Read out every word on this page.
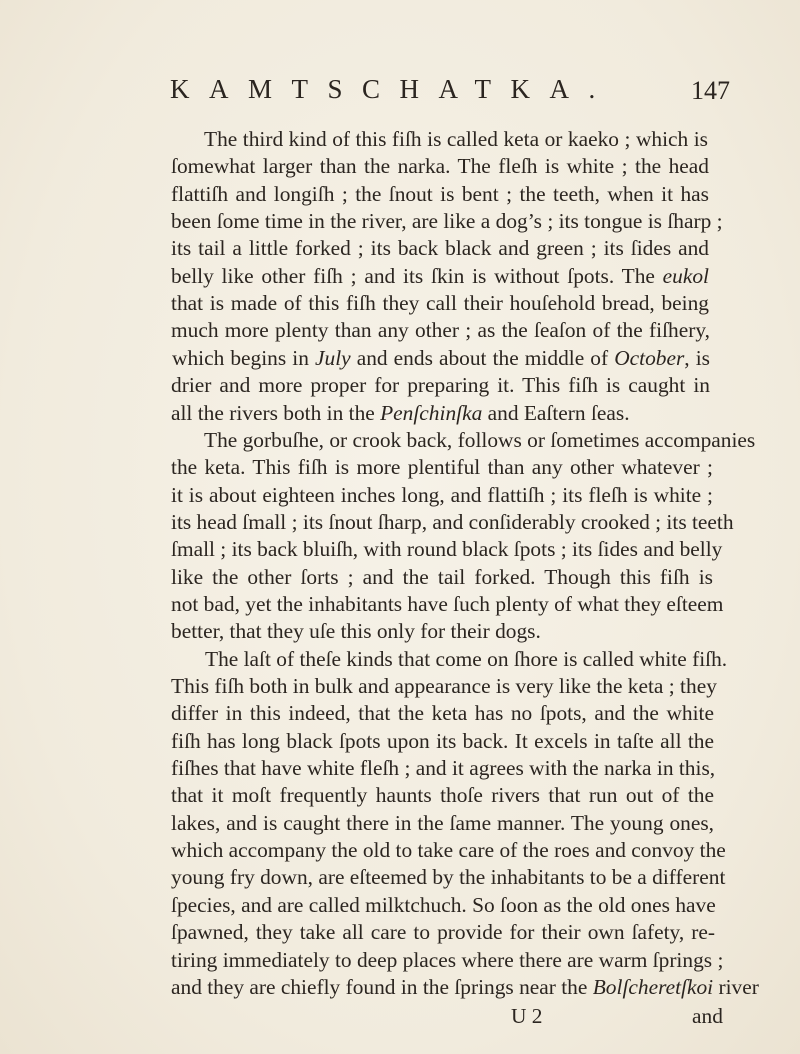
KAMTSCHATKA.	147
The third kind of this fiſh is called keta or kaeko ; which is
ſomewhat larger than the narka. The fleſh is white ; the head
flattiſh and longiſh ; the ſnout is bent ; the teeth, when it has
been ſome time in the river, are like a dog’s ; its tongue is ſharp ;
its tail a little forked ; its back black and green ; its ſides and
belly like other fiſh ; and its ſkin is without ſpots. The eukol
that is made of this fiſh they call their houſehold bread, being
much more plenty than any other ; as the ſeaſon of the fiſhery,
which begins in July and ends about the middle of October, is
drier and more proper for preparing it. This fiſh is caught in
all the rivers both in the Penſchinſka and Eaſtern ſeas.
The gorbuſhe, or crook back, follows or ſometimes accompanies
the keta. This fiſh is more plentiful than any other whatever ;
it is about eighteen inches long, and flattiſh ; its fleſh is white ;
its head ſmall ; its ſnout ſharp, and conſiderably crooked ; its teeth
ſmall ; its back bluiſh, with round black ſpots ; its ſides and belly
like the other ſorts ; and the tail forked. Though this fiſh is
not bad, yet the inhabitants have ſuch plenty of what they eſteem
better, that they uſe this only for their dogs.
The laſt of theſe kinds that come on ſhore is called white fiſh.
This fiſh both in bulk and appearance is very like the keta ; they
differ in this indeed, that the keta has no ſpots, and the white
fiſh has long black ſpots upon its back. It excels in taſte all the
fiſhes that have white fleſh ; and it agrees with the narka in this,
that it moſt frequently haunts thoſe rivers that run out of the
lakes, and is caught there in the ſame manner. The young ones,
which accompany the old to take care of the roes and convoy the
young fry down, are eſteemed by the inhabitants to be a different
ſpecies, and are called milktchuch. So ſoon as the old ones have
ſpawned, they take all care to provide for their own ſafety, re-
tiring immediately to deep places where there are warm ſprings ;
and they are chiefly found in the ſprings near the Bolſcheretſkoi river
U 2	and
